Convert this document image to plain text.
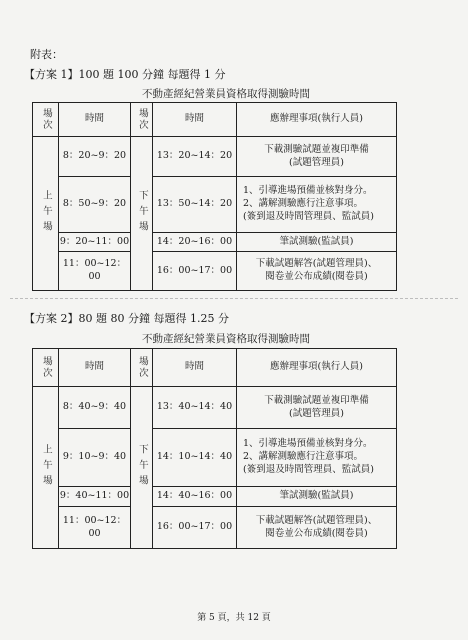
附表：
【方案 1】100 題 100 分鐘 每題得 1 分
不動產經紀營業員資格取得測驗時間
場次	時間	場次	時間	應辦理事項(執行人員)

上午場	8：20~9：20	下午場	13：20~14：20	下載測驗試題並複印準備
(試題管理員)

	8：50~9：20		13：50~14：20	1、引導進場預備並核對身分。
2、講解測驗應行注意事項。
(簽到退及時間管理員、監試員)

	9：20~11：00		14：20~16：00	筆試測驗(監試員)
	11：00~12：00		16：00~17：00	下載試題解答(試題管理員)、
閱卷並公布成績(閱卷員)
【方案 2】80 題 80 分鐘 每題得 1.25 分
不動產經紀營業員資格取得測驗時間
場次	時間	場次	時間	應辦理事項(執行人員)

上午場	8：40~9：40	下午場	13：40~14：40	下載測驗試題並複印準備
(試題管理員)

	9：10~9：40		14：10~14：40	1、引導進場預備並核對身分。
2、講解測驗應行注意事項。
(簽到退及時間管理員、監試員)

	9：40~11：00		14：40~16：00	筆試測驗(監試員)
	11：00~12：00		16：00~17：00	下載試題解答(試題管理員)、
閱卷並公布成績(閱卷員)
第 5 頁，共 12 頁
